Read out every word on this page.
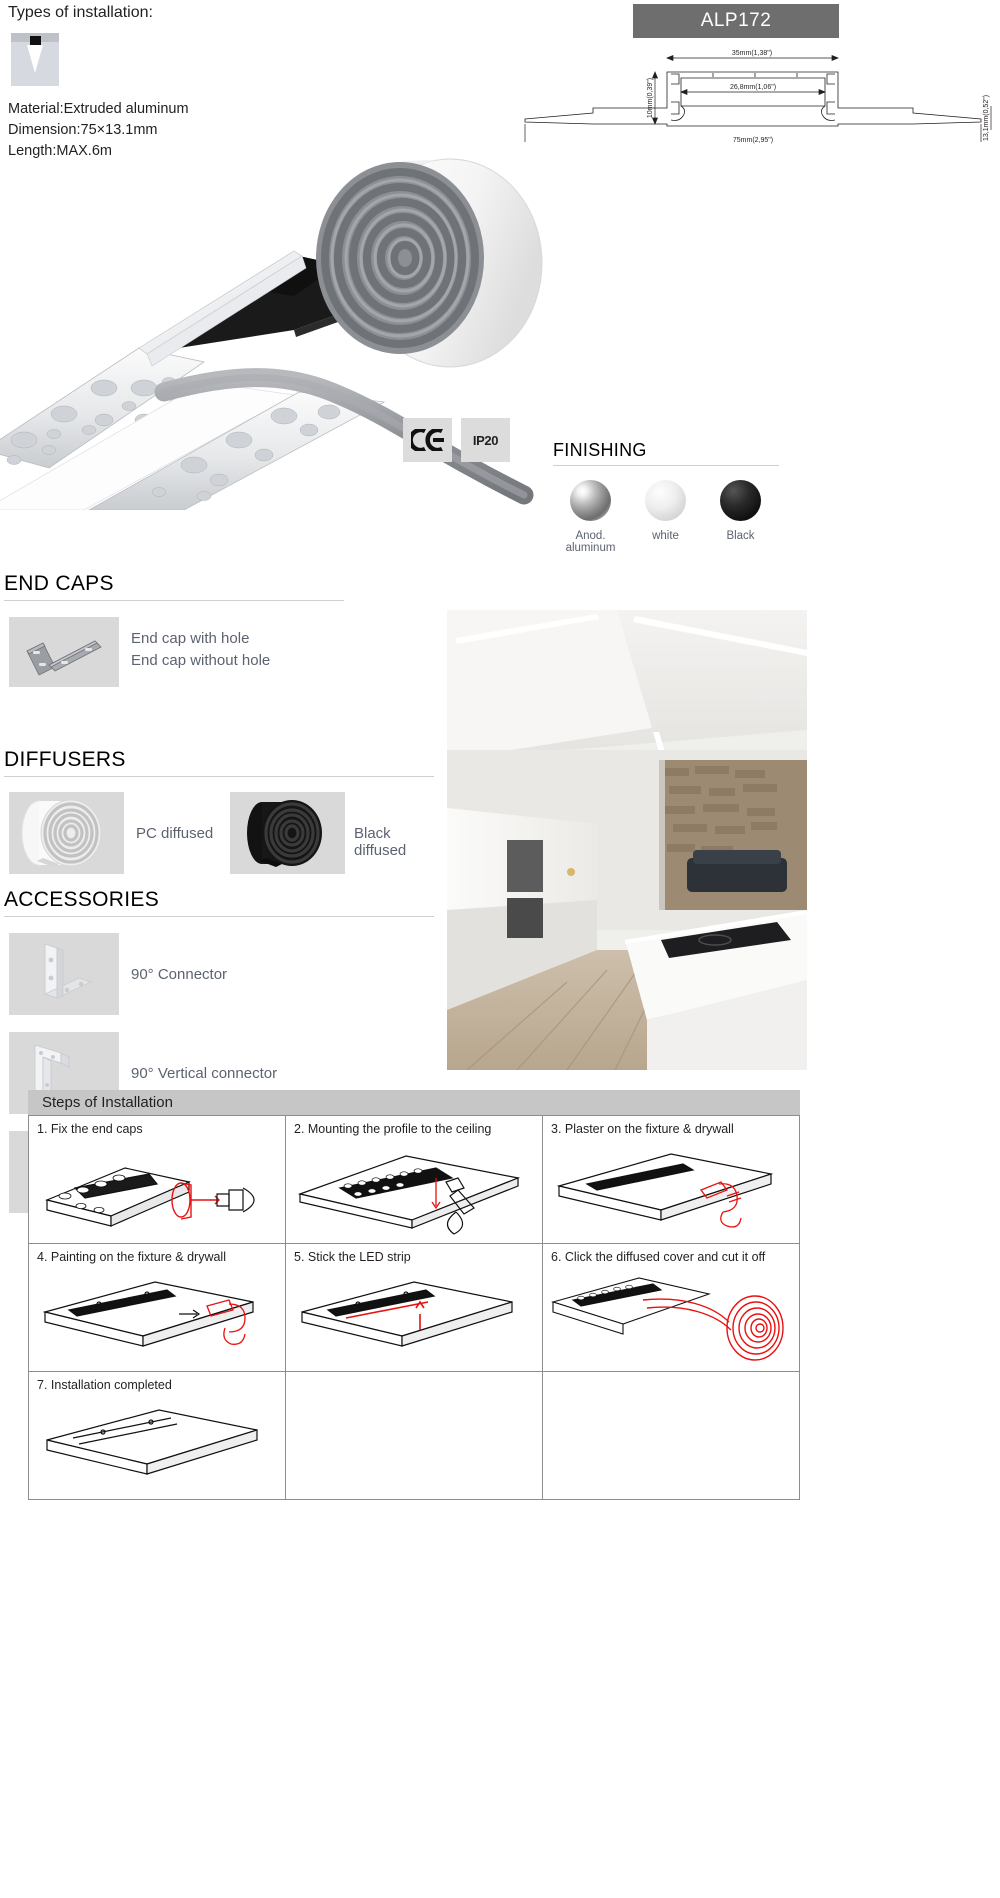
Types of installation:
Material:Extruded aluminum
Dimension:75×13.1mm
Length:MAX.6m
ALP172
35mm(1,38")
26,8mm(1,06")
10mm(0,39")	13,1mm(0,52")
75mm(2,95")
IP20	FINISHING
Anod. aluminum
white	Black
END CAPS
End cap with hole
End cap without hole
DIFFUSERS
PC diffused	Black diffused
ACCESSORIES
90° Connector
90° Vertical connector
Steps of Installation
1. Fix the end caps	2. Mounting the profile to the ceiling	3. Plaster on the fixture & drywall
4. Painting on the fixture & drywall	5. Stick the LED strip	6. Click the diffused cover and cut it off
7. Installation completed
